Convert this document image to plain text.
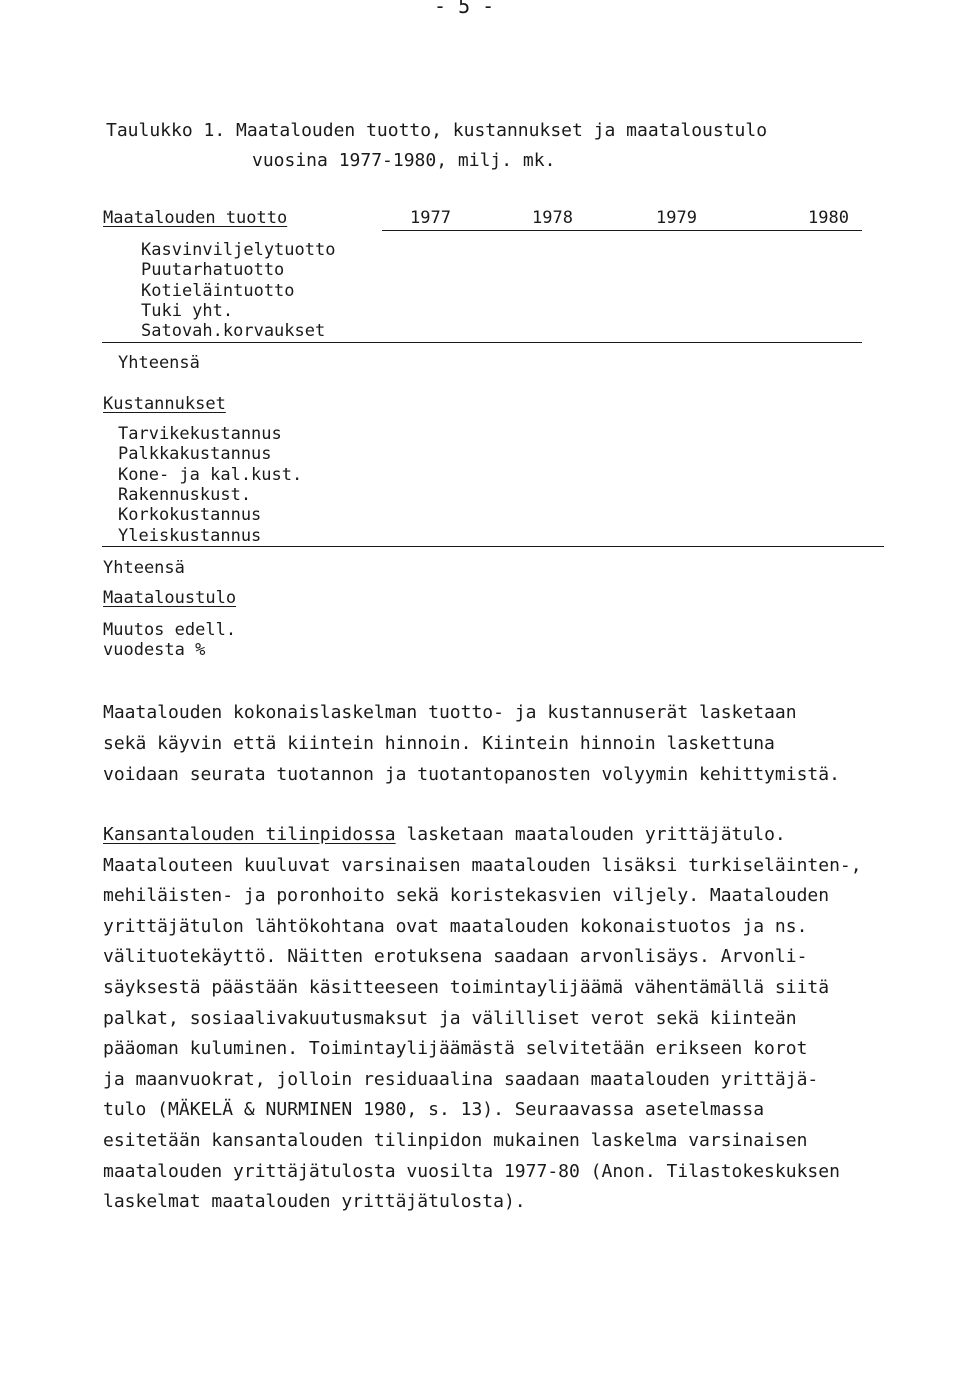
- 5 -
Taulukko 1. Maatalouden tuotto, kustannukset ja maataloustulo
vuosina 1977-1980, milj. mk.
Maatalouden tuotto	1977	1978	1979	1980
Kasvinviljelytuotto
Puutarhatuotto
Kotieläintuotto
Tuki yht.
Satovah.korvaukset
Yhteensä
Kustannukset
Tarvikekustannus
Palkkakustannus
Kone- ja kal.kust.
Rakennuskust.
Korkokustannus
Yleiskustannus
Yhteensä
Maataloustulo
Muutos edell.
vuodesta %

Maatalouden kokonaislaskelman tuotto- ja kustannuserät lasketaan

sekä käyvin että kiintein hinnoin. Kiintein hinnoin laskettuna

voidaan seurata tuotannon ja tuotantopanosten volyymin kehittymistä.

Kansantalouden tilinpidossa lasketaan maatalouden yrittäjätulo.

Maatalouteen kuuluvat varsinaisen maatalouden lisäksi turkiseläinten-,
mehiläisten- ja poronhoito sekä koristekasvien viljely. Maatalouden
yrittäjätulon lähtökohtana ovat maatalouden kokonaistuotos ja ns.
välituotekäyttö. Näitten erotuksena saadaan arvonlisäys. Arvonli-
säyksestä päästään käsitteeseen toimintaylijäämä vähentämällä siitä
palkat, sosiaalivakuutusmaksut ja välilliset verot sekä kiinteän
pääoman kuluminen. Toimintaylijäämästä selvitetään erikseen korot
ja maanvuokrat, jolloin residuaalina saadaan maatalouden yrittäjä-
tulo (MÄKELÄ & NURMINEN 1980, s. 13). Seuraavassa asetelmassa
esitetään kansantalouden tilinpidon mukainen laskelma varsinaisen
maatalouden yrittäjätulosta vuosilta 1977-80 (Anon. Tilastokeskuksen
laskelmat maatalouden yrittäjätulosta).
